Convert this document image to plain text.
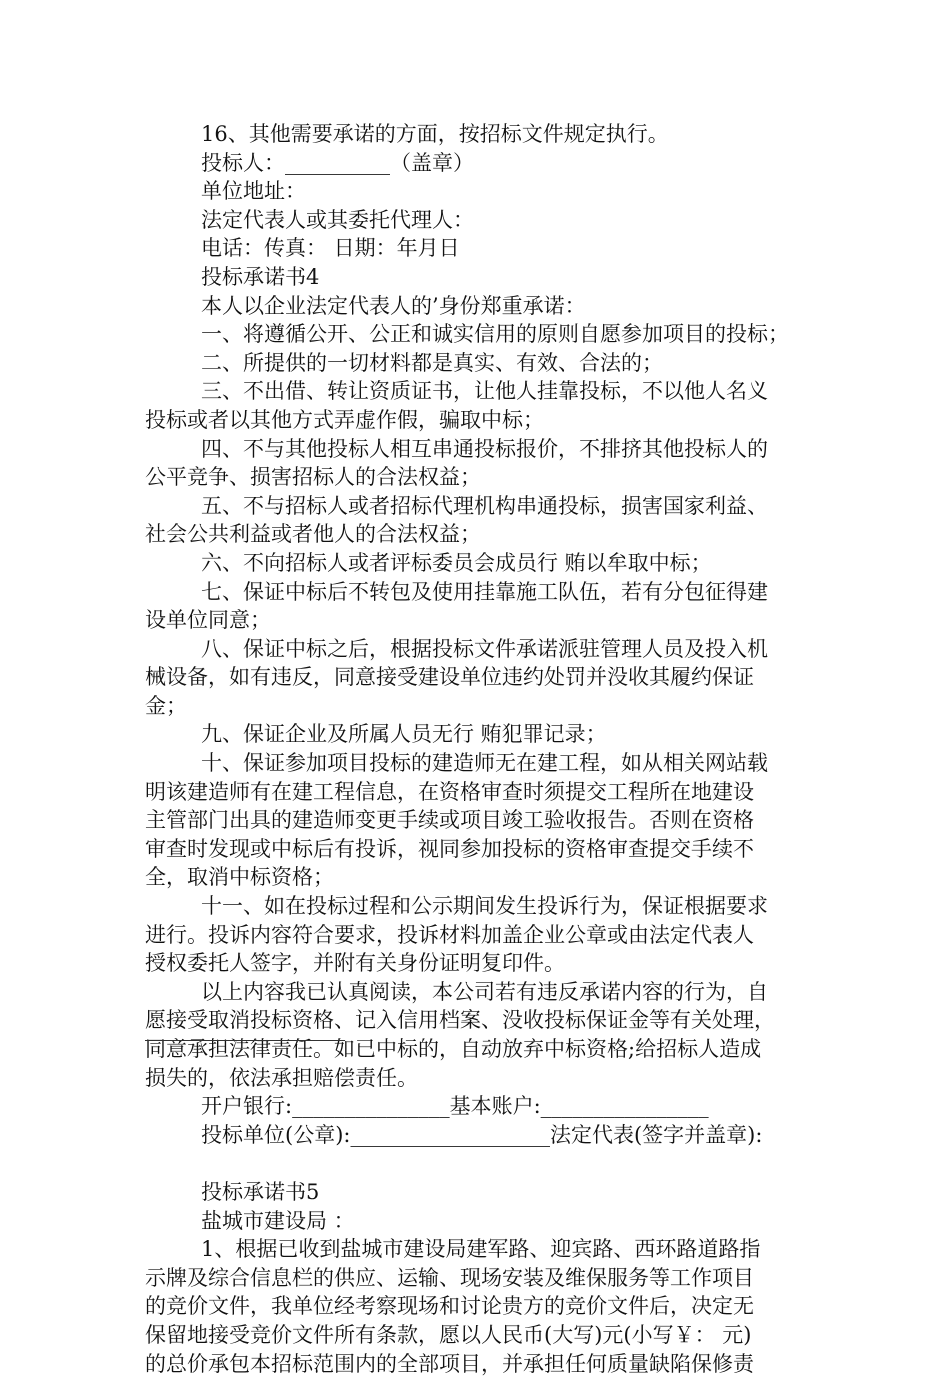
16、其他需要承诺的方面，按招标文件规定执行。
投标人：__________（盖章）
单位地址：
法定代表人或其委托代理人：
电话：传真： 日期：年月日
投标承诺书4
本人以企业法定代表人的’身份郑重承诺：
一、将遵循公开、公正和诚实信用的原则自愿参加项目的投标；
二、所提供的一切材料都是真实、有效、合法的；
三、不出借、转让资质证书，让他人挂靠投标，不以他人名义
投标或者以其他方式弄虚作假，骗取中标；
四、不与其他投标人相互串通投标报价，不排挤其他投标人的
公平竞争、损害招标人的合法权益；
五、不与招标人或者招标代理机构串通投标，损害国家利益、
社会公共利益或者他人的合法权益；
六、不向招标人或者评标委员会成员行 贿以牟取中标；
七、保证中标后不转包及使用挂靠施工队伍，若有分包征得建
设单位同意；
八、保证中标之后，根据投标文件承诺派驻管理人员及投入机
械设备，如有违反，同意接受建设单位违约处罚并没收其履约保证
金；
九、保证企业及所属人员无行 贿犯罪记录；
十、保证参加项目投标的建造师无在建工程，如从相关网站载
明该建造师有在建工程信息，在资格审查时须提交工程所在地建设
主管部门出具的建造师变更手续或项目竣工验收报告。否则在资格
审查时发现或中标后有投诉，视同参加投标的资格审查提交手续不
全，取消中标资格；
十一、如在投标过程和公示期间发生投诉行为，保证根据要求
进行。投诉内容符合要求，投诉材料加盖企业公章或由法定代表人
授权委托人签字，并附有关身份证明复印件。
以上内容我已认真阅读，本公司若有违反承诺内容的行为，自
愿接受取消投标资格、记入信用档案、没收投标保证金等有关处理，
同意承担法律责任。如已中标的，自动放弃中标资格;给招标人造成
损失的，依法承担赔偿责任。
开户银行:_______________基本账户:________________
投标单位(公章):___________________法定代表(签字并盖章):
投标承诺书5
盐城市建设局 ：
1、根据已收到盐城市建设局建军路、迎宾路、西环路道路指
示牌及综合信息栏的供应、运输、现场安装及维保服务等工作项目
的竞价文件，我单位经考察现场和讨论贵方的竞价文件后，决定无
保留地接受竞价文件所有条款，愿以人民币(大写)元(小写￥： 元)
的总价承包本招标范围内的全部项目，并承担任何质量缺陷保修责
